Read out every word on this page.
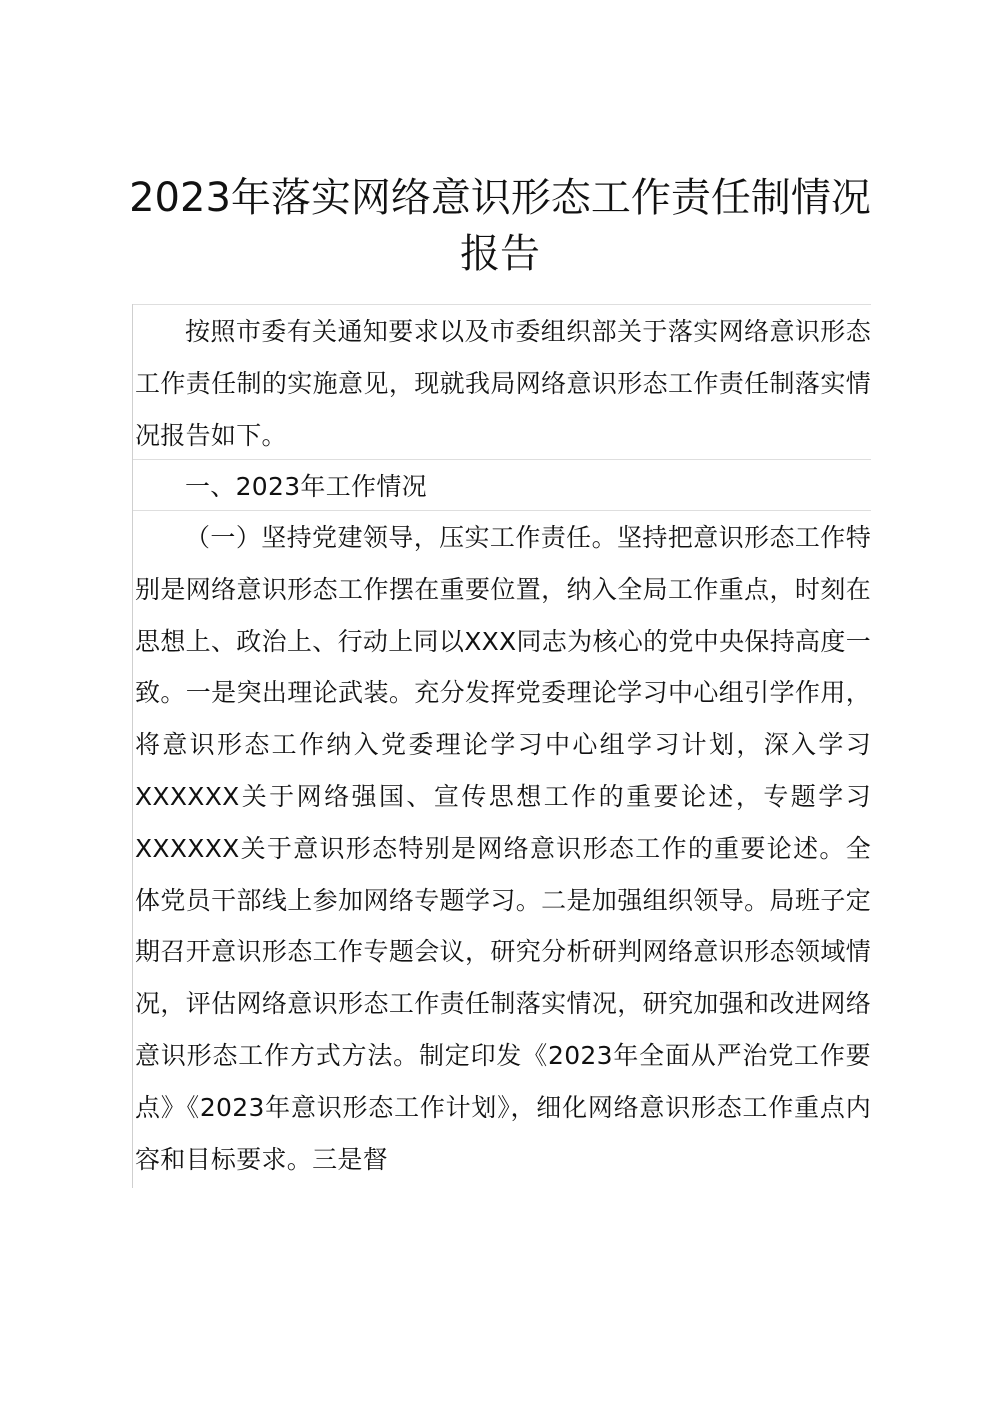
2023年落实网络意识形态工作责任制情况报告

按照市委有关通知要求以及市委组织部关于落实网络意识形态工作责任制的实施意见，现就我局网络意识形态工作责任制落实情况报告如下。

一、2023年工作情况

（一）坚持党建领导，压实工作责任。坚持把意识形态工作特别是网络意识形态工作摆在重要位置，纳入全局工作重点，时刻在思想上、政治上、行动上同以XXX同志为核心的党中央保持高度一致。一是突出理论武装。充分发挥党委理论学习中心组引学作用，将意识形态工作纳入党委理论学习中心组学习计划，深入学习XXXXXX关于网络强国、宣传思想工作的重要论述，专题学习XXXXXX关于意识形态特别是网络意识形态工作的重要论述。全体党员干部线上参加网络专题学习。二是加强组织领导。局班子定期召开意识形态工作专题会议，研究分析研判网络意识形态领域情况，评估网络意识形态工作责任制落实情况，研究加强和改进网络意识形态工作方式方法。制定印发《2023年全面从严治党工作要点》《2023年意识形态工作计划》，细化网络意识形态工作重点内容和目标要求。三是督
